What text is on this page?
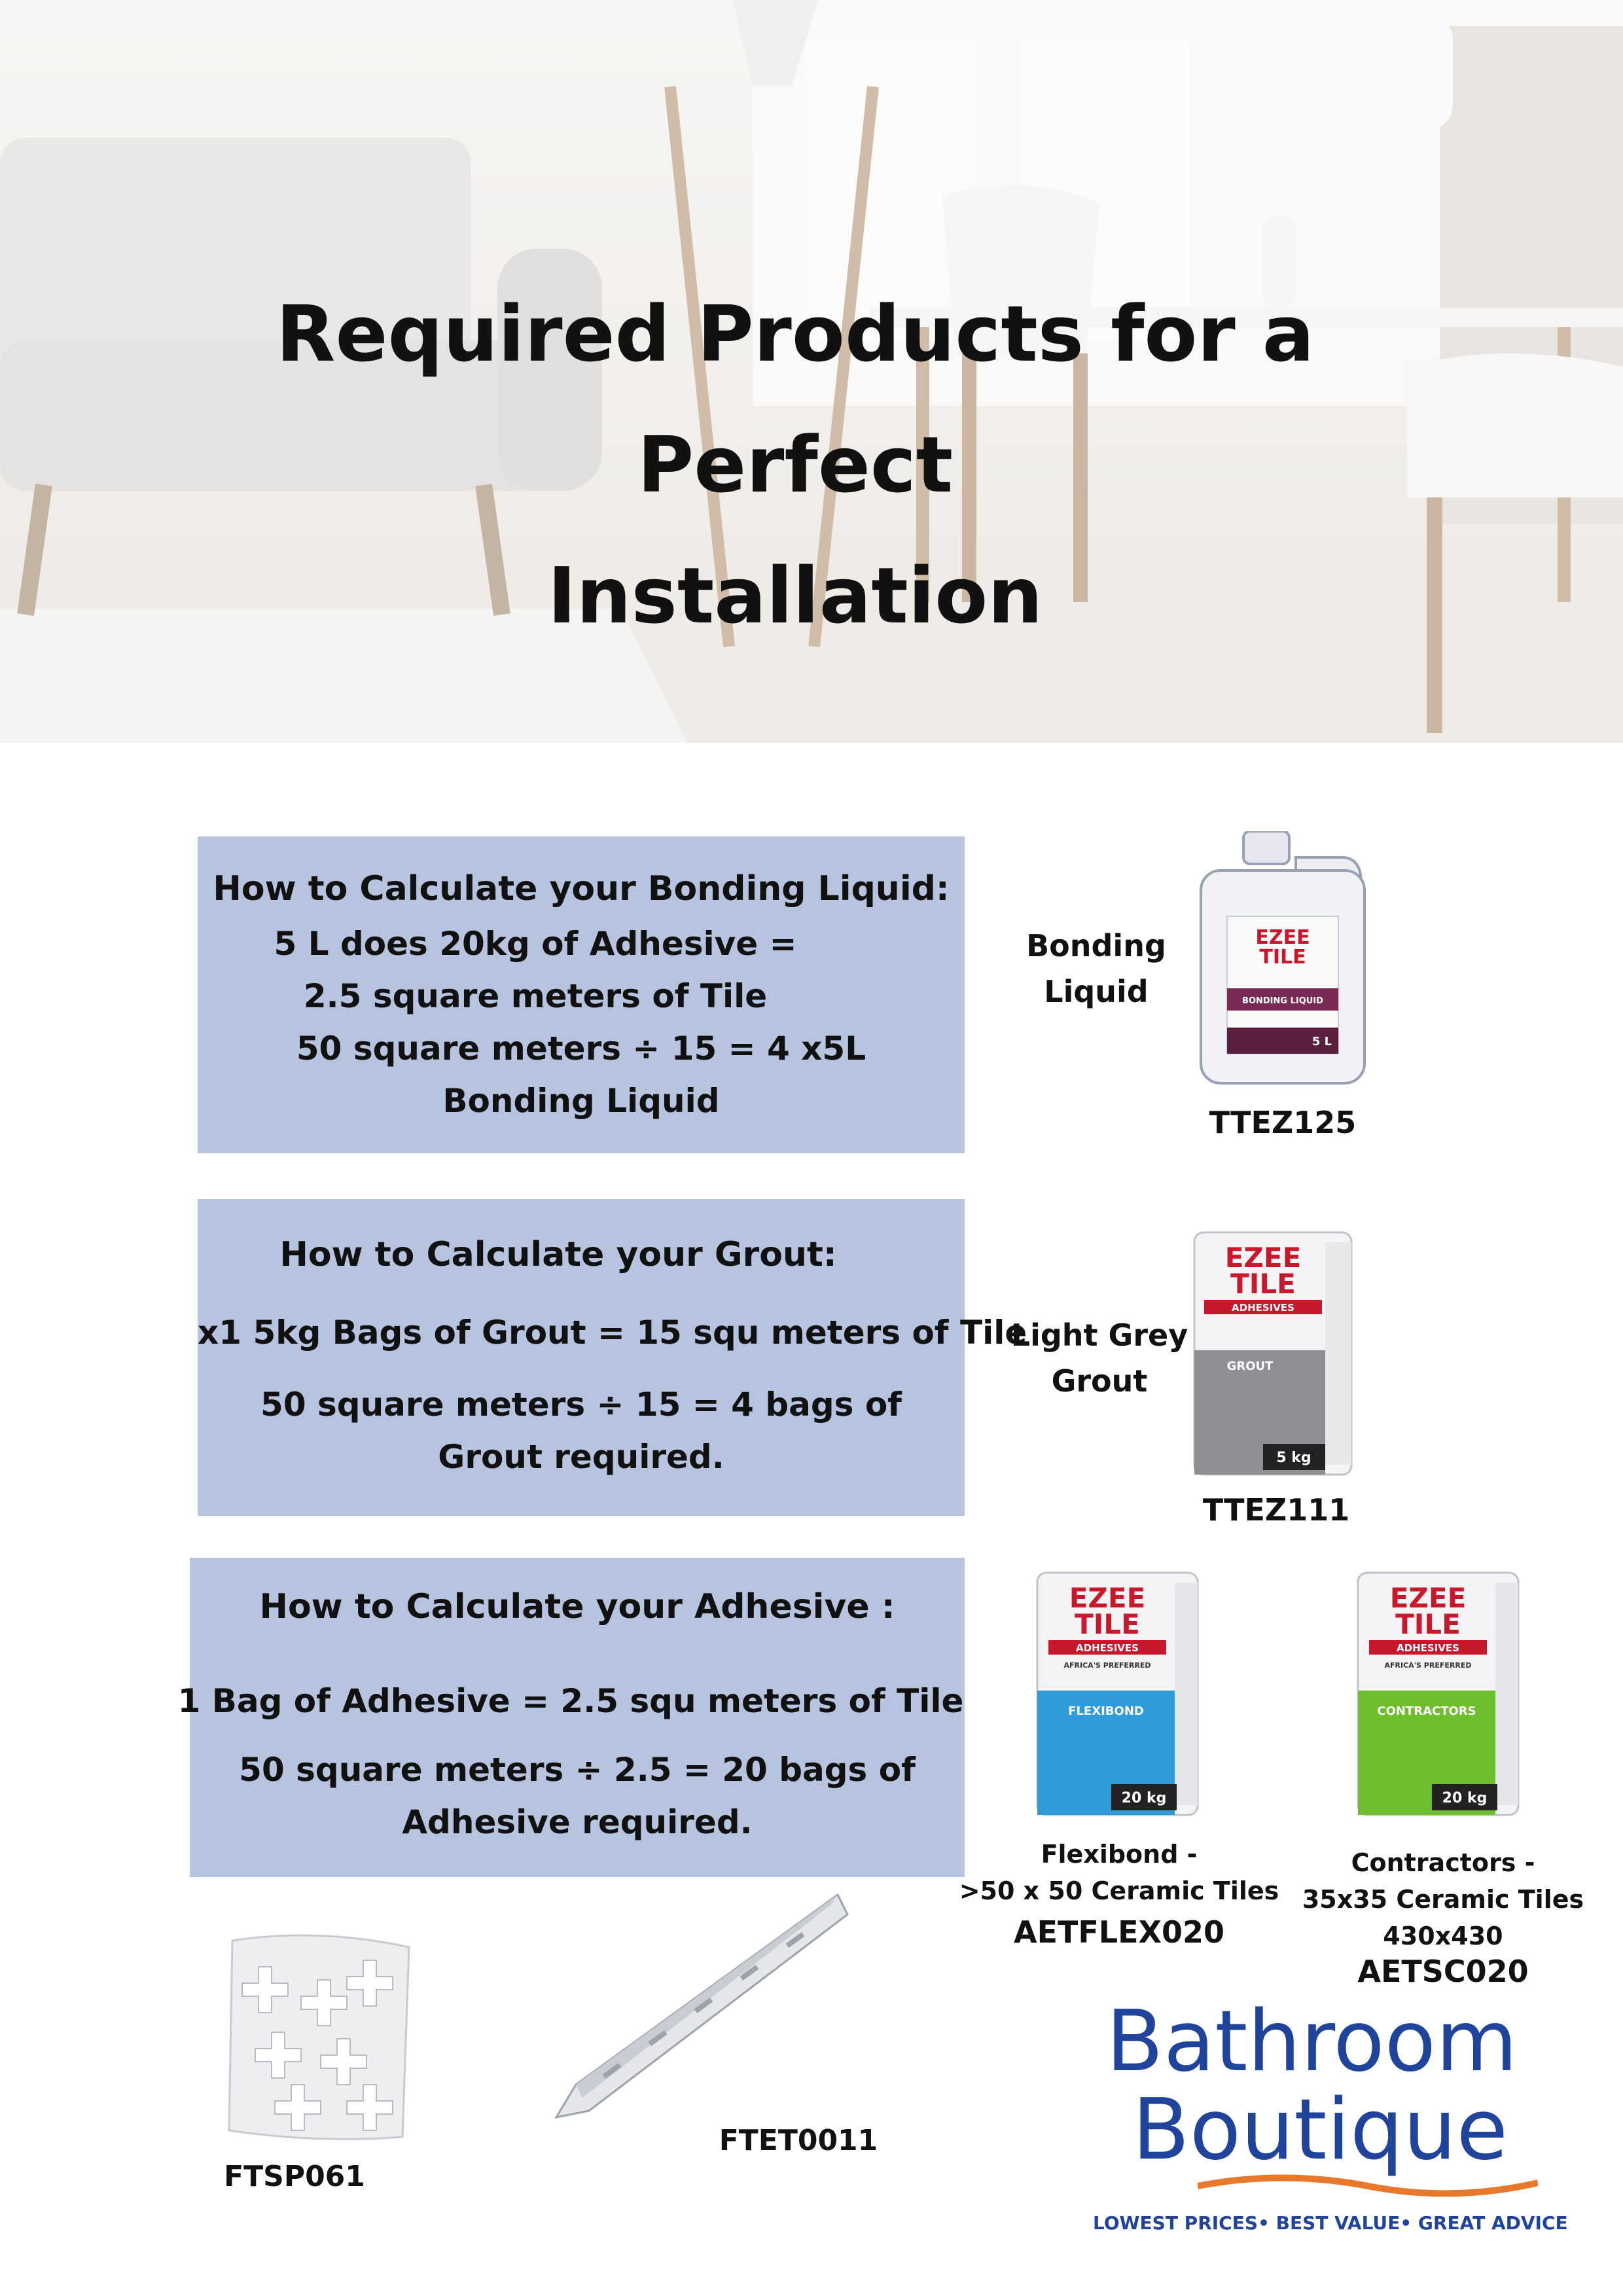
Required Products for a Perfect
Installation
How to Calculate your Bonding Liquid:
5 L does 20kg of Adhesive =
2.5 square meters of Tile
50 square meters ÷ 15 = 4 x5L
Bonding Liquid
How to Calculate your Grout:
x1 5kg Bags of Grout = 15 squ meters of Tile
50 square meters ÷ 15 = 4 bags of
Grout required.
How to Calculate your Adhesive :
1 Bag of Adhesive = 2.5 squ meters of Tile
50 square meters ÷ 2.5 = 20 bags of
Adhesive required.
Bonding
Liquid
EZEE
TILE
BONDING LIQUID
5 L
TTEZ125
Light Grey
Grout
EZEE
TILE
ADHESIVES
GROUT
5 kg
TTEZ111
EZEE
TILE
ADHESIVES
AFRICA'S PREFERRED
FLEXIBOND
20 kg
Flexibond -
>50 x 50 Ceramic Tiles
AETFLEX020
EZEE
TILE
ADHESIVES
AFRICA'S PREFERRED
CONTRACTORS
20 kg
Contractors -
35x35 Ceramic Tiles
430x430
AETSC020
FTSP061
FTET0011
Bathroom
Boutique
LOWEST PRICES• BEST VALUE• GREAT ADVICE
